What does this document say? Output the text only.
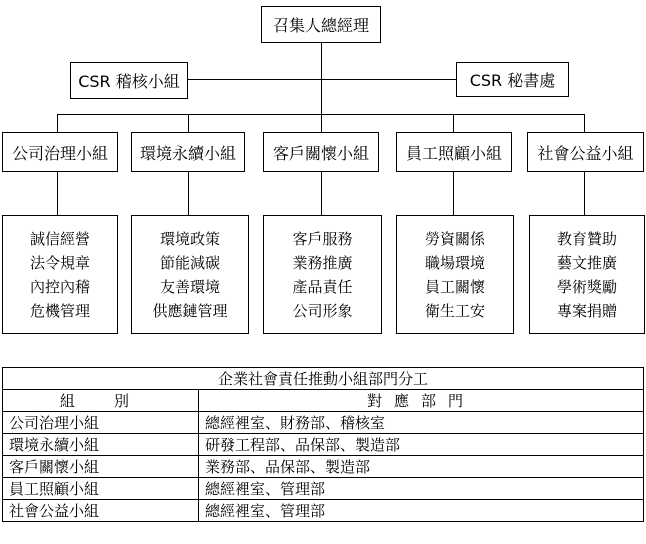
召集人總經理
CSR 稽核小組	CSR 秘書處
公司治理小組 環境永續小組 客戶關懷小組 員工照顧小組 社會公益小組
誠信經營
法令規章
內控內稽
危機管理
環境政策
節能減碳
友善環境
供應鏈管理
客戶服務
業務推廣
產品責任
公司形象
勞資關係
職場環境
員工關懷
衛生工安
教育贊助
藝文推廣
學術獎勵
專案捐贈
企業社會責任推動小組部門分工	
組　別	對應部門
公司治理小組	總經裡室、財務部、稽核室
環境永續小組	研發工程部、品保部、製造部
客戶關懷小組	業務部、品保部、製造部
員工照顧小組	總經裡室、管理部
社會公益小組	總經裡室、管理部
